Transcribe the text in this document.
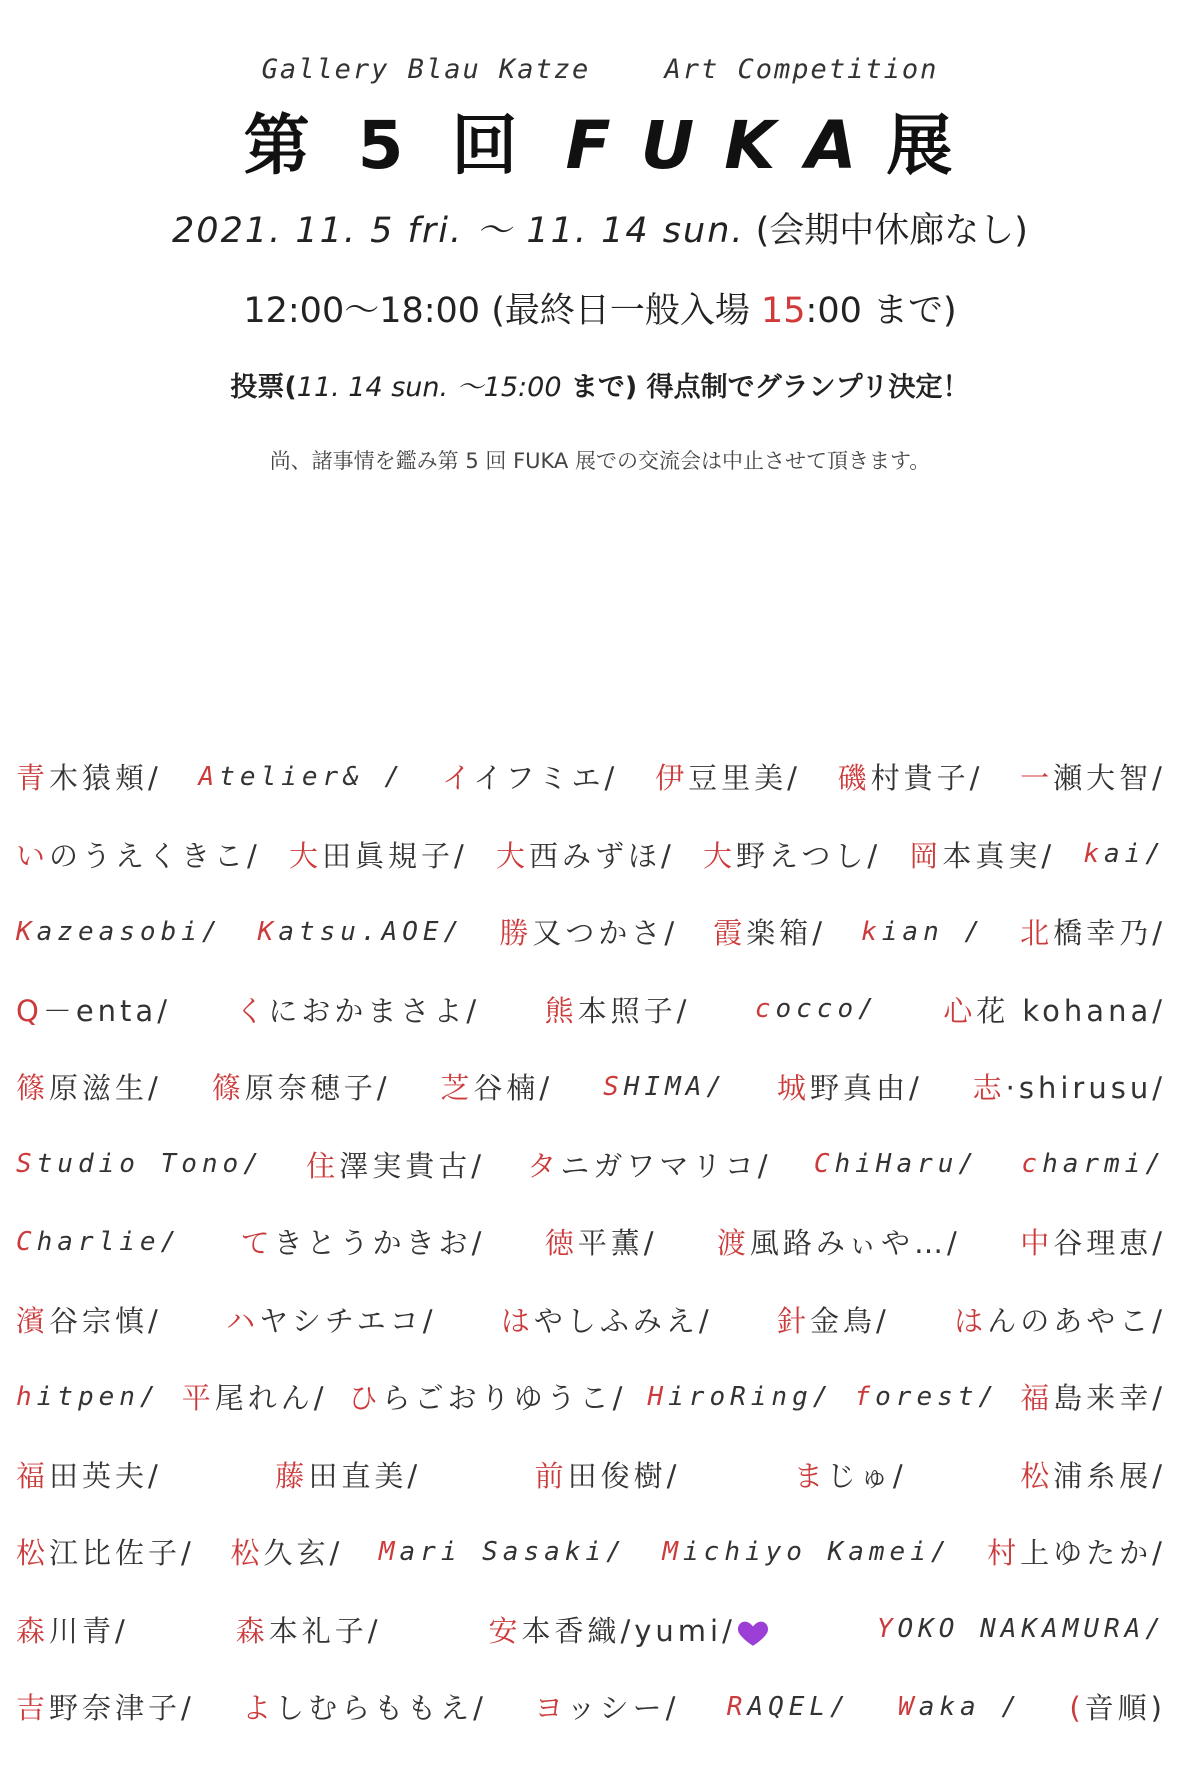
Gallery Blau Katze	Art Competition
第 5 回 FUKA展
2021. 11. 5 fri. ～ 11. 14 sun. (会期中休廊なし)
12:00～18:00 (最終日一般入場 15:00 まで)
投票(11. 14 sun. ～15:00 まで) 得点制でグランプリ決定！
尚、諸事情を鑑み第 5 回 FUKA 展での交流会は中止させて頂きます。
青木猿頬/ Atelier& / イイフミエ/ 伊豆里美/ 磯村貴子/ 一瀬大智/
いのうえくきこ/ 大田眞規子/ 大西みずほ/ 大野えつし/ 岡本真実/ kai/
Kazeasobi/ Katsu.AOE/ 勝又つかさ/ 霞楽箱/ kian / 北橋幸乃/
Q－enta/ くにおかまさよ/ 熊本照子/ cocco/ 心花 kohana/
篠原滋生/ 篠原奈穂子/ 芝谷楠/ SHIMA/ 城野真由/ 志·shirusu/
Studio Tono/ 住澤実貴古/ タニガワマリコ/ ChiHaru/ charmi/
Charlie/ てきとうかきお/ 徳平薫/ 渡風路みぃや…/ 中谷理恵/
濱谷宗慎/ ハヤシチエコ/ はやしふみえ/ 針金鳥/ はんのあやこ/
hitpen/ 平尾れん/ ひらごおりゆうこ/ HiroRing/ forest/ 福島来幸/
福田英夫/	藤田直美/	前田俊樹/	まじゅ/	松浦糸展/
松江比佐子/ 松久玄/ Mari Sasaki/ Michiyo Kamei/ 村上ゆたか/
森川青/	森本礼子/	安本香織/yumi/	YOKO NAKAMURA/
吉野奈津子/ よしむらももえ/ ヨッシー/ RAQEL/ Waka / (音順)
